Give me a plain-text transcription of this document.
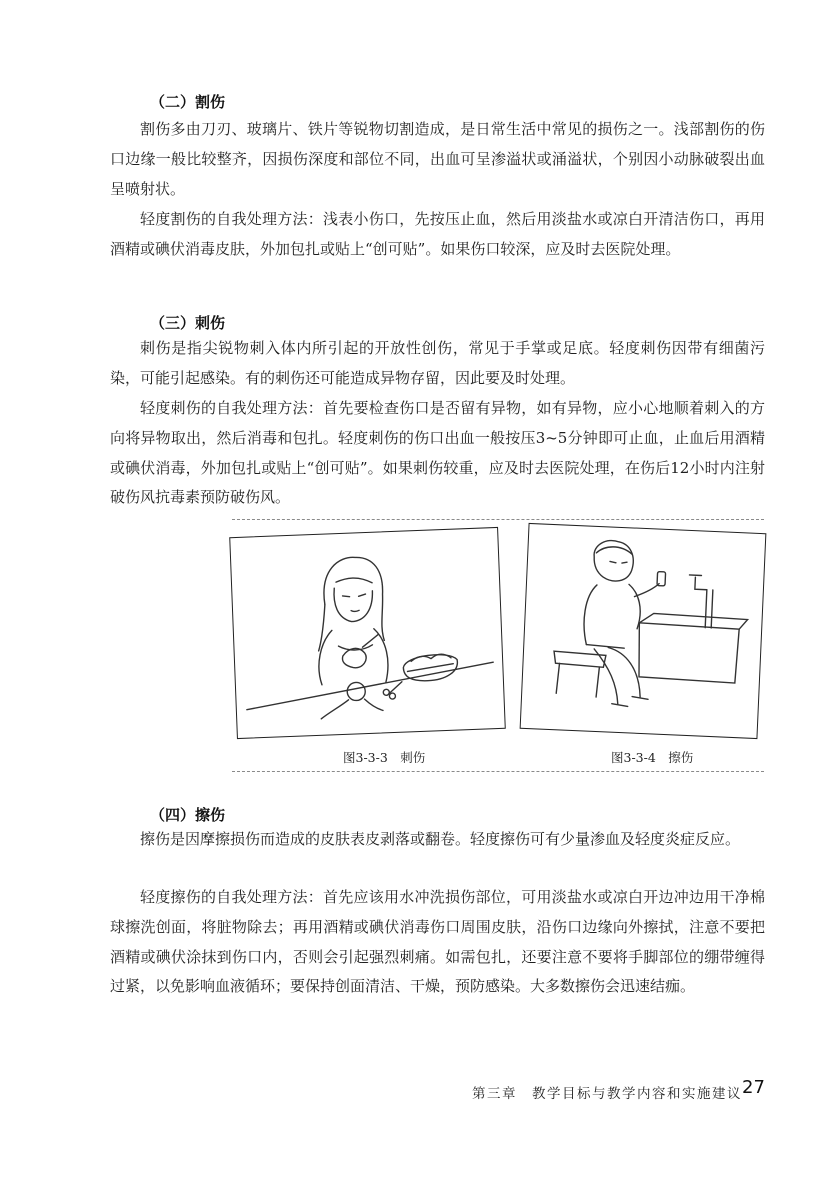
（二）割伤

割伤多由刀刃、玻璃片、铁片等锐物切割造成，是日常生活中常见的损伤之一。浅部割伤的伤口边缘一般比较整齐，因损伤深度和部位不同，出血可呈渗溢状或涌溢状，个别因小动脉破裂出血呈喷射状。

轻度割伤的自我处理方法：浅表小伤口，先按压止血，然后用淡盐水或凉白开清洁伤口，再用酒精或碘伏消毒皮肤，外加包扎或贴上“创可贴”。如果伤口较深，应及时去医院处理。

（三）刺伤

刺伤是指尖锐物刺入体内所引起的开放性创伤，常见于手掌或足底。轻度刺伤因带有细菌污染，可能引起感染。有的刺伤还可能造成异物存留，因此要及时处理。

轻度刺伤的自我处理方法：首先要检查伤口是否留有异物，如有异物，应小心地顺着刺入的方向将异物取出，然后消毒和包扎。轻度刺伤的伤口出血一般按压3~5分钟即可止血，止血后用酒精或碘伏消毒，外加包扎或贴上“创可贴”。如果刺伤较重，应及时去医院处理，在伤后12小时内注射破伤风抗毒素预防破伤风。

图3-3-3　刺伤	图3-3-4　擦伤
（四）擦伤

擦伤是因摩擦损伤而造成的皮肤表皮剥落或翻卷。轻度擦伤可有少量渗血及轻度炎症反应。

轻度擦伤的自我处理方法：首先应该用水冲洗损伤部位，可用淡盐水或凉白开边冲边用干净棉球擦洗创面，将脏物除去；再用酒精或碘伏消毒伤口周围皮肤，沿伤口边缘向外擦拭，注意不要把酒精或碘伏涂抹到伤口内，否则会引起强烈刺痛。如需包扎，还要注意不要将手脚部位的绷带缠得过紧，以免影响血液循环；要保持创面清洁、干燥，预防感染。大多数擦伤会迅速结痂。

第三章　教学目标与教学内容和实施建议 27
